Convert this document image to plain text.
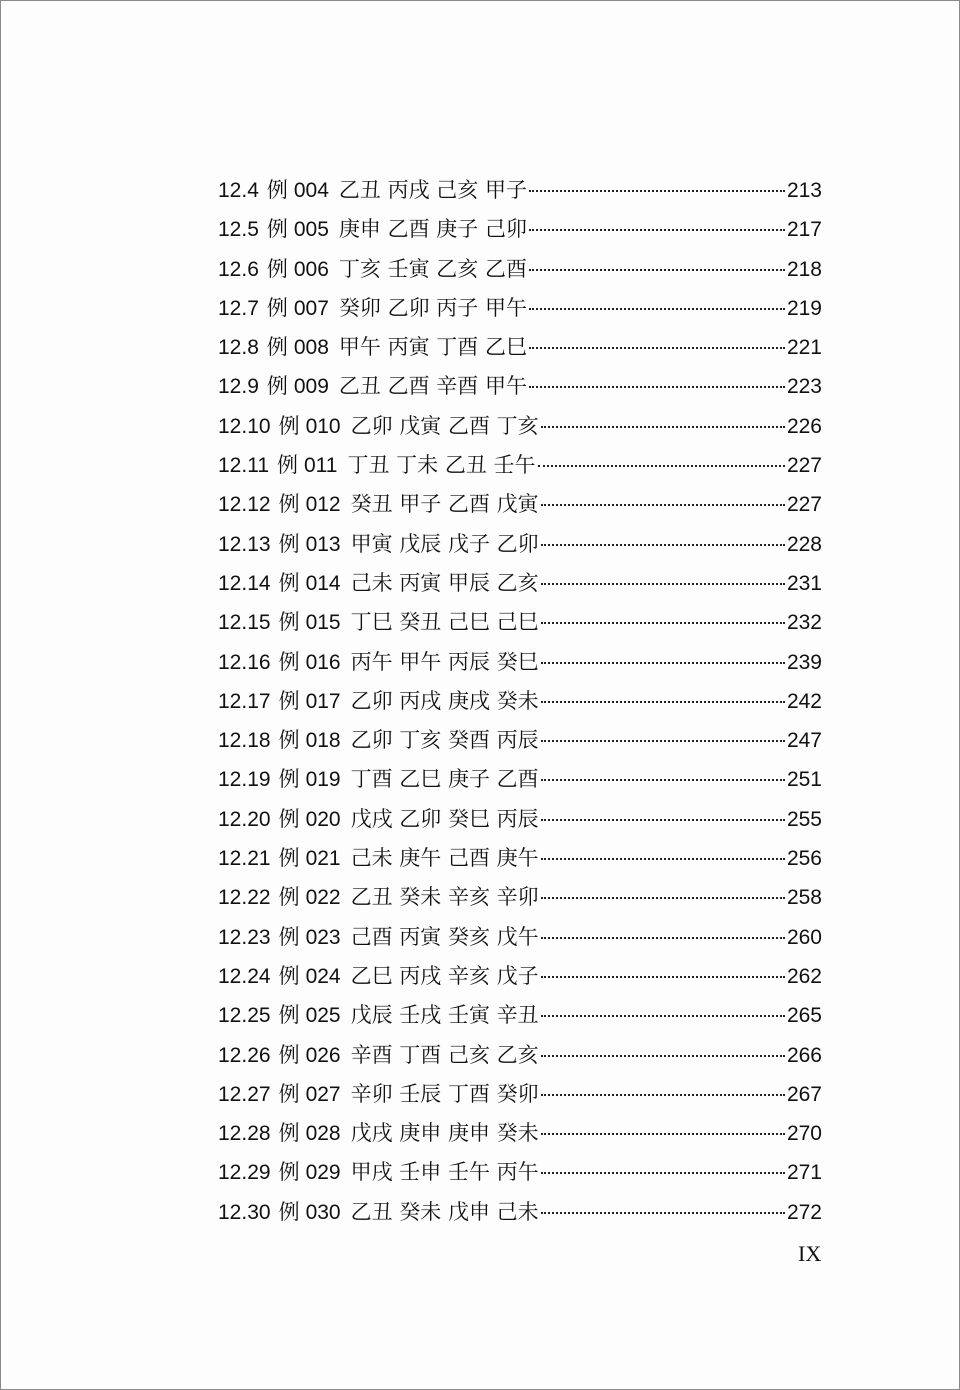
12.4 例 004 乙丑 丙戌 己亥 甲子	213
12.5 例 005 庚申 乙酉 庚子 己卯	217
12.6 例 006 丁亥 壬寅 乙亥 乙酉	218
12.7 例 007 癸卯 乙卯 丙子 甲午	219
12.8 例 008 甲午 丙寅 丁酉 乙巳	221
12.9 例 009 乙丑 乙酉 辛酉 甲午	223
12.10 例 010 乙卯 戊寅 乙酉 丁亥	226
12.11 例 011 丁丑 丁未 乙丑 壬午	227
12.12 例 012 癸丑 甲子 乙酉 戊寅	227
12.13 例 013 甲寅 戊辰 戊子 乙卯	228
12.14 例 014 己未 丙寅 甲辰 乙亥	231
12.15 例 015 丁巳 癸丑 己巳 己巳	232
12.16 例 016 丙午 甲午 丙辰 癸巳	239
12.17 例 017 乙卯 丙戌 庚戌 癸未	242
12.18 例 018 乙卯 丁亥 癸酉 丙辰	247
12.19 例 019 丁酉 乙巳 庚子 乙酉	251
12.20 例 020 戊戌 乙卯 癸巳 丙辰	255
12.21 例 021 己未 庚午 己酉 庚午	256
12.22 例 022 乙丑 癸未 辛亥 辛卯	258
12.23 例 023 己酉 丙寅 癸亥 戊午	260
12.24 例 024 乙巳 丙戌 辛亥 戊子	262
12.25 例 025 戊辰 壬戌 壬寅 辛丑	265
12.26 例 026 辛酉 丁酉 己亥 乙亥	266
12.27 例 027 辛卯 壬辰 丁酉 癸卯	267
12.28 例 028 戊戌 庚申 庚申 癸未	270
12.29 例 029 甲戌 壬申 壬午 丙午	271
12.30 例 030 乙丑 癸未 戊申 己未	272
IX
